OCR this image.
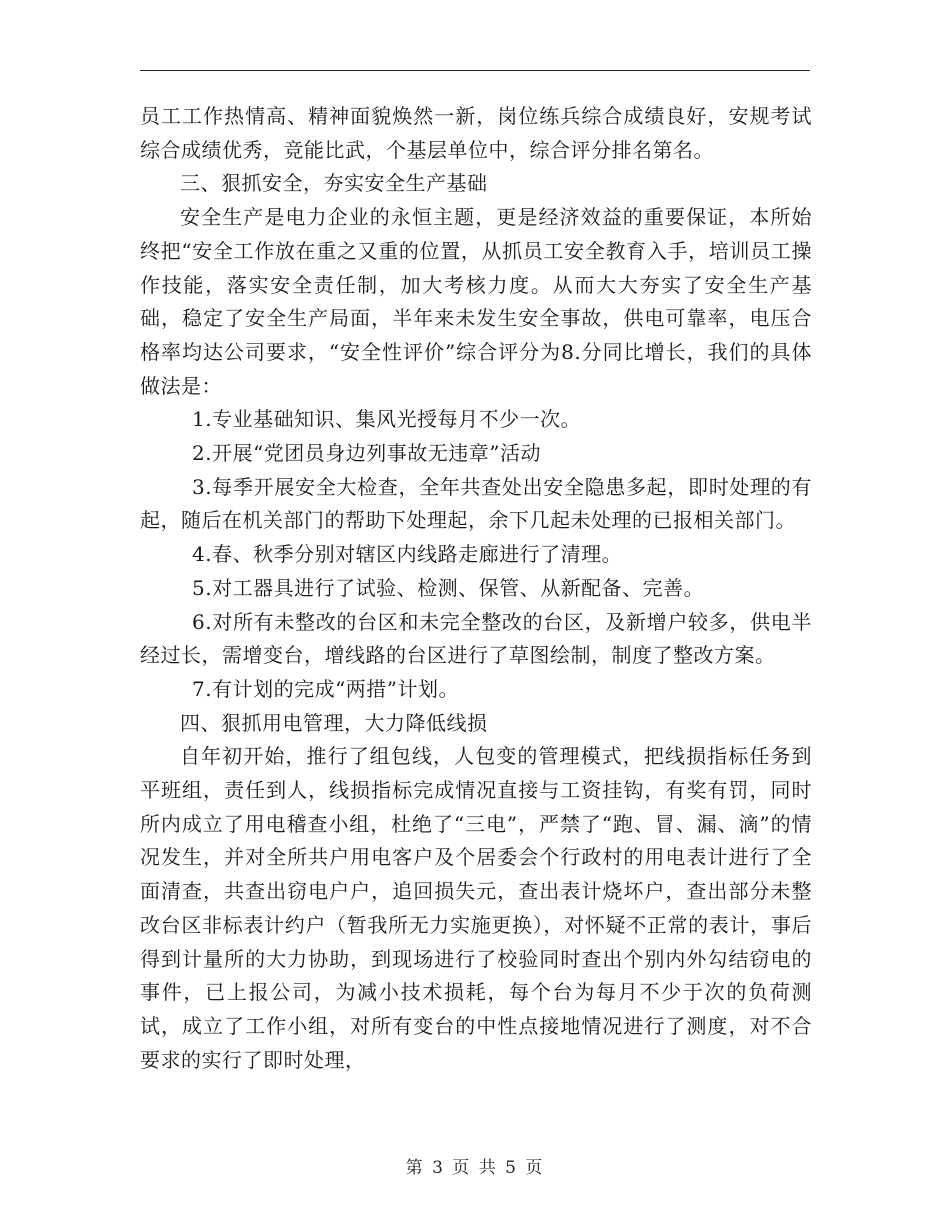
员工工作热情高、精神面貌焕然一新，岗位练兵综合成绩良好，安规考试综合成绩优秀，竞能比武，个基层单位中，综合评分排名第名。

三、狠抓安全，夯实安全生产基础

安全生产是电力企业的永恒主题，更是经济效益的重要保证，本所始终把“安全工作放在重之又重的位置，从抓员工安全教育入手，培训员工操作技能，落实安全责任制，加大考核力度。从而大大夯实了安全生产基础，稳定了安全生产局面，半年来未发生安全事故，供电可靠率，电压合格率均达公司要求，“安全性评价”综合评分为8.分同比增长，我们的具体做法是：

1.专业基础知识、集风光授每月不少一次。

2.开展“党团员身边列事故无违章”活动

3.每季开展安全大检查，全年共查处出安全隐患多起，即时处理的有起，随后在机关部门的帮助下处理起，余下几起未处理的已报相关部门。

4.春、秋季分别对辖区内线路走廊进行了清理。

5.对工器具进行了试验、检测、保管、从新配备、完善。

6.对所有未整改的台区和未完全整改的台区，及新增户较多，供电半经过长，需增变台，增线路的台区进行了草图绘制，制度了整改方案。

7.有计划的完成“两措”计划。

四、狠抓用电管理，大力降低线损

自年初开始，推行了组包线，人包变的管理模式，把线损指标任务到平班组，责任到人，线损指标完成情况直接与工资挂钩，有奖有罚，同时所内成立了用电稽查小组，杜绝了“三电”，严禁了“跑、冒、漏、滴”的情况发生，并对全所共户用电客户及个居委会个行政村的用电表计进行了全面清查，共查出窃电户户，追回损失元，查出表计烧坏户，查出部分未整改台区非标表计约户（暂我所无力实施更换），对怀疑不正常的表计，事后得到计量所的大力协助，到现场进行了校验同时查出个别内外勾结窃电的事件，已上报公司，为减小技术损耗，每个台为每月不少于次的负荷测试，成立了工作小组，对所有变台的中性点接地情况进行了测度，对不合要求的实行了即时处理，

第 3 页 共 5 页
